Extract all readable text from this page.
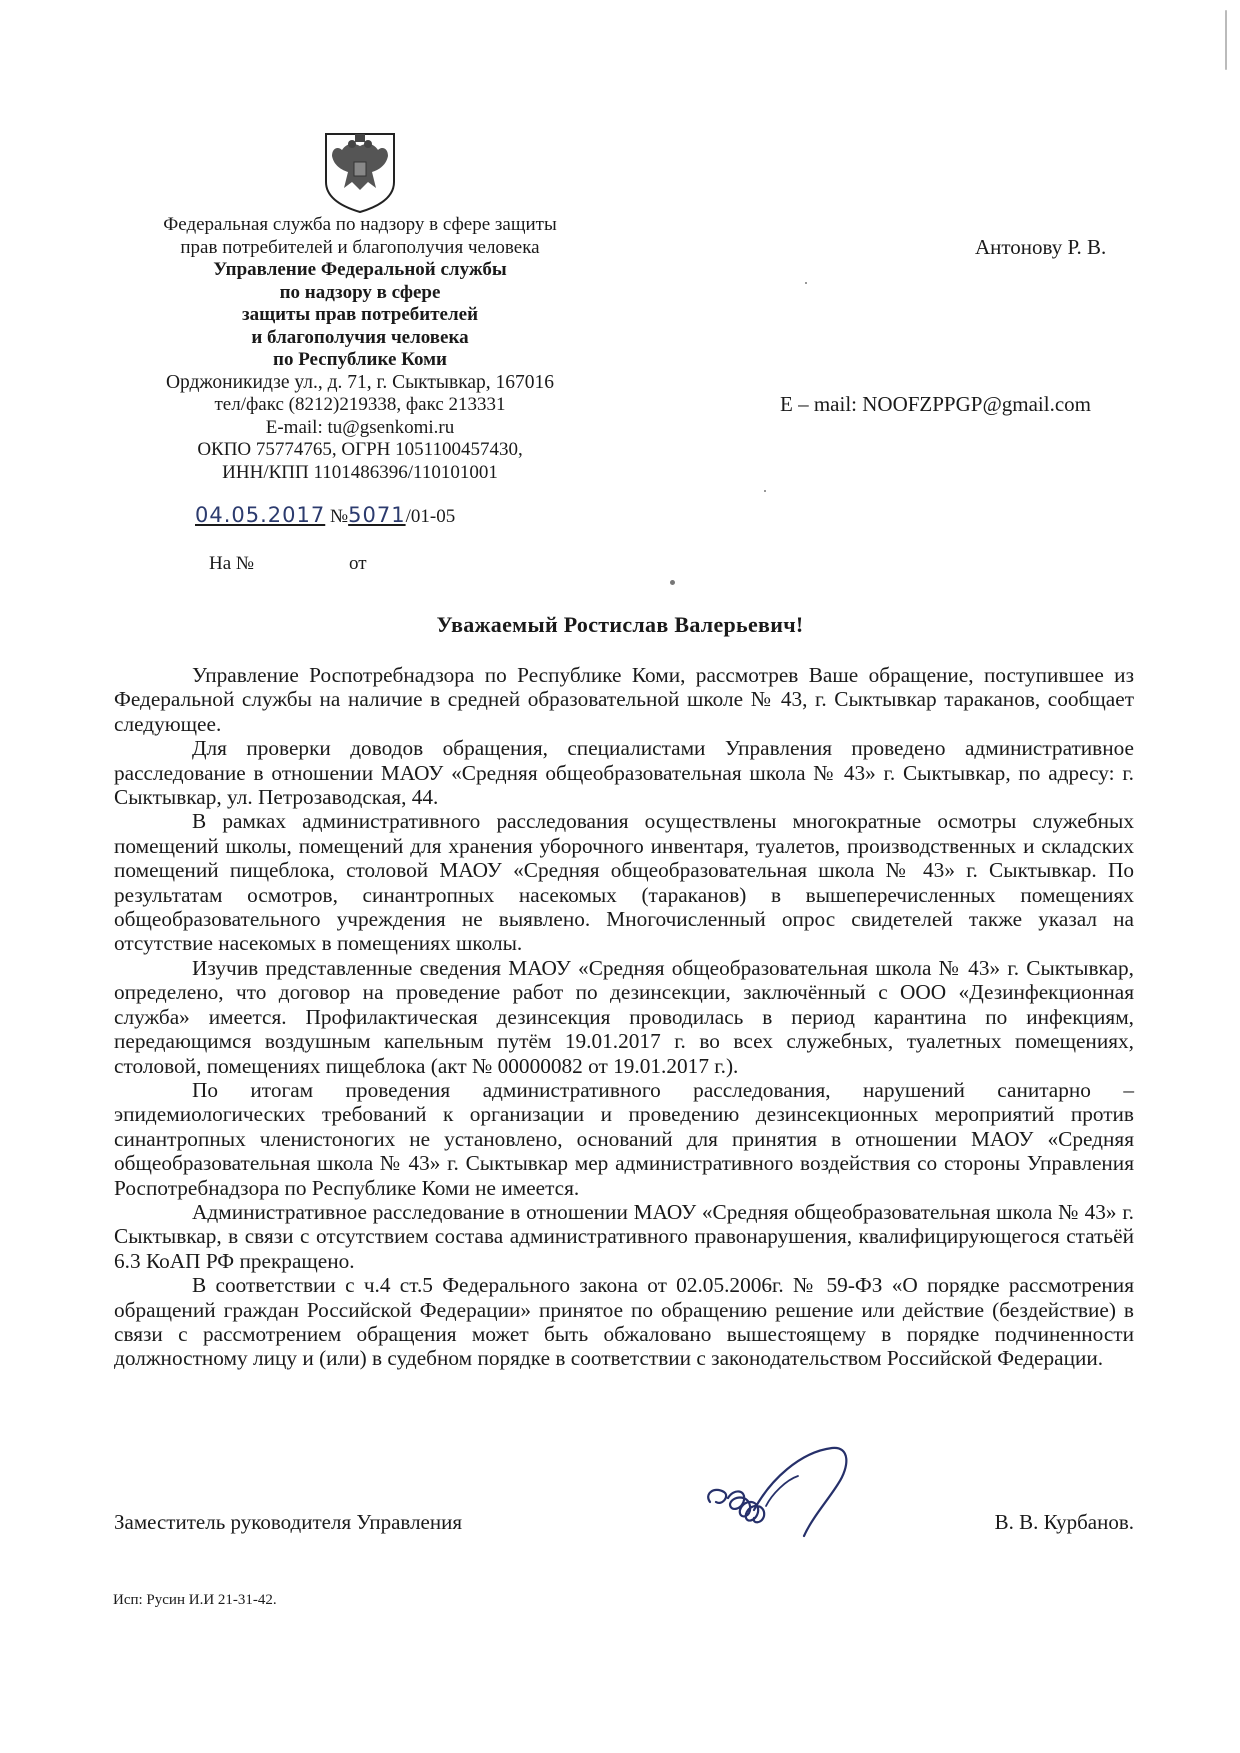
Федеральная служба по надзору в сфере защиты
прав потребителей и благополучия человека
Управление Федеральной службы
по надзору в сфере
защиты прав потребителей
и благополучия человека
по Республике Коми
Орджоникидзе ул., д. 71, г. Сыктывкар, 167016
тел/факс (8212)219338, факс 213331
E-mail: tu@gsenkomi.ru
ОКПО 75774765, ОГРН 1051100457430,
ИНН/КПП 1101486396/110101001
04.05.2017 №5071/01-05
На №	от
Антонову Р. В.
E – mail: NOOFZPPGP@gmail.com
Уважаемый Ростислав Валерьевич!

Управление Роспотребнадзора по Республике Коми, рассмотрев Ваше обращение, поступившее из Федеральной службы на наличие в средней образовательной школе № 43, г. Сыктывкар тараканов, сообщает следующее.

Для проверки доводов обращения, специалистами Управления проведено административное расследование в отношении МАОУ «Средняя общеобразовательная школа № 43» г. Сыктывкар, по адресу: г. Сыктывкар, ул. Петрозаводская, 44.

В рамках административного расследования осуществлены многократные осмотры служебных помещений школы, помещений для хранения уборочного инвентаря, туалетов, производственных и складских помещений пищеблока, столовой МАОУ «Средняя общеобразовательная школа № 43» г. Сыктывкар. По результатам осмотров, синантропных насекомых (тараканов) в вышеперечисленных помещениях общеобразовательного учреждения не выявлено. Многочисленный опрос свидетелей также указал на отсутствие насекомых в помещениях школы.

Изучив представленные сведения МАОУ «Средняя общеобразовательная школа № 43» г. Сыктывкар, определено, что договор на проведение работ по дезинсекции, заключённый с ООО «Дезинфекционная служба» имеется. Профилактическая дезинсекция проводилась в период карантина по инфекциям, передающимся воздушным капельным путём 19.01.2017 г. во всех служебных, туалетных помещениях, столовой, помещениях пищеблока (акт № 00000082 от 19.01.2017 г.).

По итогам проведения административного расследования, нарушений санитарно – эпидемиологических требований к организации и проведению дезинсекционных мероприятий против синантропных членистоногих не установлено, оснований для принятия в отношении МАОУ «Средняя общеобразовательная школа № 43» г. Сыктывкар мер административного воздействия со стороны Управления Роспотребнадзора по Республике Коми не имеется.

Административное расследование в отношении МАОУ «Средняя общеобразовательная школа № 43» г. Сыктывкар, в связи с отсутствием состава административного правонарушения, квалифицирующегося статьёй 6.3 КоАП РФ прекращено.

В соответствии с ч.4 ст.5 Федерального закона от 02.05.2006г. № 59-ФЗ «О порядке рассмотрения обращений граждан Российской Федерации» принятое по обращению решение или действие (бездействие) в связи с рассмотрением обращения может быть обжаловано вышестоящему в порядке подчиненности должностному лицу и (или) в судебном порядке в соответствии с законодательством Российской Федерации.

Заместитель руководителя Управления	В. В. Курбанов.
Исп: Русин И.И 21-31-42.
